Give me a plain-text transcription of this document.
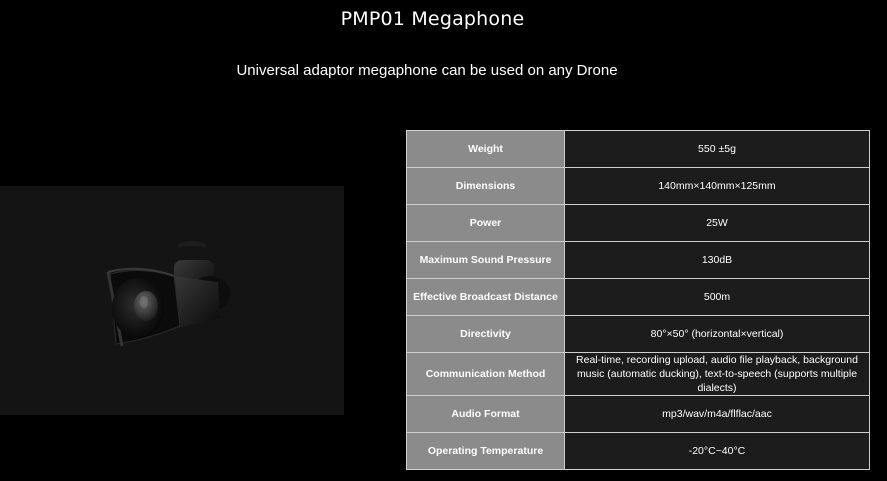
PMP01 Megaphone
Universal adaptor megaphone can be used on any Drone
Weight	550 ±5g
Dimensions	140mm×140mm×125mm
Power	25W
Maximum Sound Pressure	130dB
Effective Broadcast Distance	500m
Directivity	80°×50° (horizontal×vertical)
Communication Method	Real-time, recording upload, audio file playback, background music (automatic ducking), text-to-speech (supports multiple dialects)
Audio Format	mp3/wav/m4a/flflac/aac
Operating Temperature	-20°C~40°C
